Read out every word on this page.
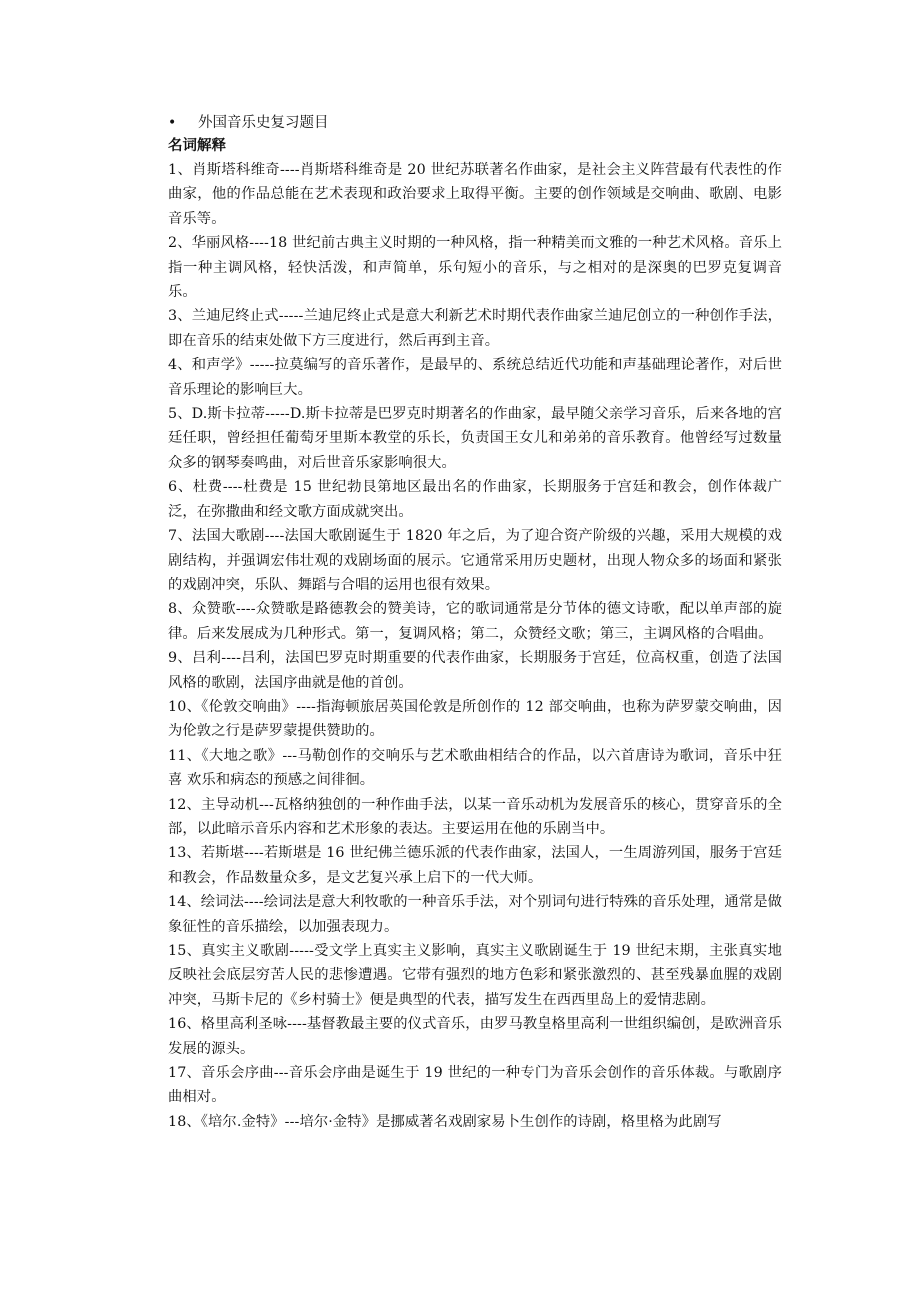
•	外国音乐史复习题目
名词解释

1、肖斯塔科维奇----肖斯塔科维奇是 20 世纪苏联著名作曲家，是社会主义阵营最有代表性的作曲家，他的作品总能在艺术表现和政治要求上取得平衡。主要的创作领域是交响曲、歌剧、电影音乐等。

2、华丽风格----18 世纪前古典主义时期的一种风格，指一种精美而文雅的一种艺术风格。音乐上指一种主调风格，轻快活泼，和声简单，乐句短小的音乐，与之相对的是深奥的巴罗克复调音乐。

3、兰迪尼终止式-----兰迪尼终止式是意大利新艺术时期代表作曲家兰迪尼创立的一种创作手法，即在音乐的结束处做下方三度进行，然后再到主音。

4、和声学》-----拉莫编写的音乐著作，是最早的、系统总结近代功能和声基础理论著作，对后世音乐理论的影响巨大。

5、D.斯卡拉蒂-----D.斯卡拉蒂是巴罗克时期著名的作曲家，最早随父亲学习音乐，后来各地的宫廷任职，曾经担任葡萄牙里斯本教堂的乐长，负责国王女儿和弟弟的音乐教育。他曾经写过数量众多的钢琴奏鸣曲，对后世音乐家影响很大。

6、杜费----杜费是 15 世纪勃艮第地区最出名的作曲家，长期服务于宫廷和教会，创作体裁广泛，在弥撒曲和经文歌方面成就突出。

7、法国大歌剧----法国大歌剧诞生于 1820 年之后，为了迎合资产阶级的兴趣，采用大规模的戏剧结构，并强调宏伟壮观的戏剧场面的展示。它通常采用历史题材，出现人物众多的场面和紧张的戏剧冲突，乐队、舞蹈与合唱的运用也很有效果。

8、众赞歌----众赞歌是路德教会的赞美诗，它的歌词通常是分节体的德文诗歌，配以单声部的旋律。后来发展成为几种形式。第一，复调风格；第二，众赞经文歌；第三，主调风格的合唱曲。

9、吕利----吕利，法国巴罗克时期重要的代表作曲家，长期服务于宫廷，位高权重，创造了法国风格的歌剧，法国序曲就是他的首创。

10、《伦敦交响曲》----指海顿旅居英国伦敦是所创作的 12 部交响曲，也称为萨罗蒙交响曲，因为伦敦之行是萨罗蒙提供赞助的。

11、《大地之歌》---马勒创作的交响乐与艺术歌曲相结合的作品，以六首唐诗为歌词，音乐中狂喜 欢乐和病态的预感之间徘徊。

12、主导动机---瓦格纳独创的一种作曲手法，以某一音乐动机为发展音乐的核心，贯穿音乐的全部，以此暗示音乐内容和艺术形象的表达。主要运用在他的乐剧当中。

13、若斯堪----若斯堪是 16 世纪佛兰德乐派的代表作曲家，法国人，一生周游列国，服务于宫廷和教会，作品数量众多，是文艺复兴承上启下的一代大师。

14、绘词法----绘词法是意大利牧歌的一种音乐手法，对个别词句进行特殊的音乐处理，通常是做象征性的音乐描绘，以加强表现力。

15、真实主义歌剧-----受文学上真实主义影响，真实主义歌剧诞生于 19 世纪末期，主张真实地反映社会底层穷苦人民的悲惨遭遇。它带有强烈的地方色彩和紧张激烈的、甚至残暴血腥的戏剧冲突，马斯卡尼的《乡村骑士》便是典型的代表，描写发生在西西里岛上的爱情悲剧。

16、格里高利圣咏----基督教最主要的仪式音乐，由罗马教皇格里高利一世组织编创，是欧洲音乐发展的源头。

17、音乐会序曲---音乐会序曲是诞生于 19 世纪的一种专门为音乐会创作的音乐体裁。与歌剧序曲相对。

18、《培尔.金特》---培尔·金特》是挪威著名戏剧家易卜生创作的诗剧，格里格为此剧写
